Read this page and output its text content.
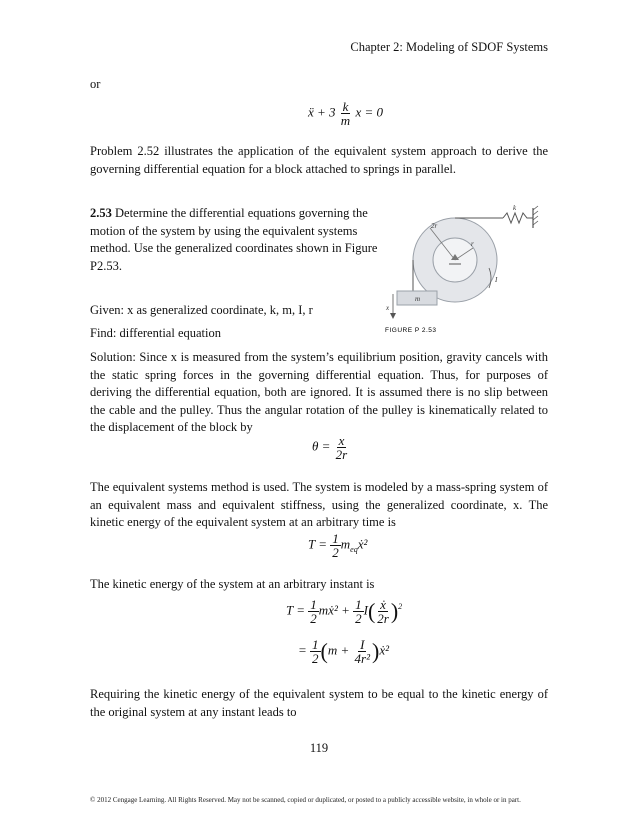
Chapter 2: Modeling of SDOF Systems
or
ẍ + $3 \frac{k}{m}$ x = 0
Problem 2.52 illustrates the application of the equivalent system approach to derive the governing differential equation for a block attached to springs in parallel.
2.53 Determine the differential equations governing the motion of the system by using the equivalent systems method. Use the generalized coordinates shown in Figure P2.53.
2r
r
k
I
m
x
FIGURE P 2.53
Given: x as generalized coordinate, k, m, I, r
Find: differential equation
Solution: Since x is measured from the system’s equilibrium position, gravity cancels with the static spring forces in the governing differential equation. Thus, for purposes of deriving the differential equation, both are ignored. It is assumed there is no slip between the cable and the pulley. Thus the angular rotation of the pulley is kinematically related to the displacement of the block by
$\theta = \frac{x}{2r}$
The equivalent systems method is used. The system is modeled by a mass-spring system of an equivalent mass and equivalent stiffness, using the generalized coordinate, x. The kinetic energy of the equivalent system at an arbitrary time is
$T = \frac{1}{2}$ $m_{eq}ẋ^2$
The kinetic energy of the system at an arbitrary instant is
$T = \frac{1}{2}$ mẋ² + $\frac{1}{2} I( \frac{\text{ẋ}}{2r} )^2$
= $\frac{1}{2} (m + \frac{I}{\text{4r²}}$ )ẋ²
Requiring the kinetic energy of the equivalent system to be equal to the kinetic energy of the original system at any instant leads to
119
© 2012 Cengage Learning. All Rights Reserved. May not be scanned, copied or duplicated, or posted to a publicly accessible website, in whole or in part.
